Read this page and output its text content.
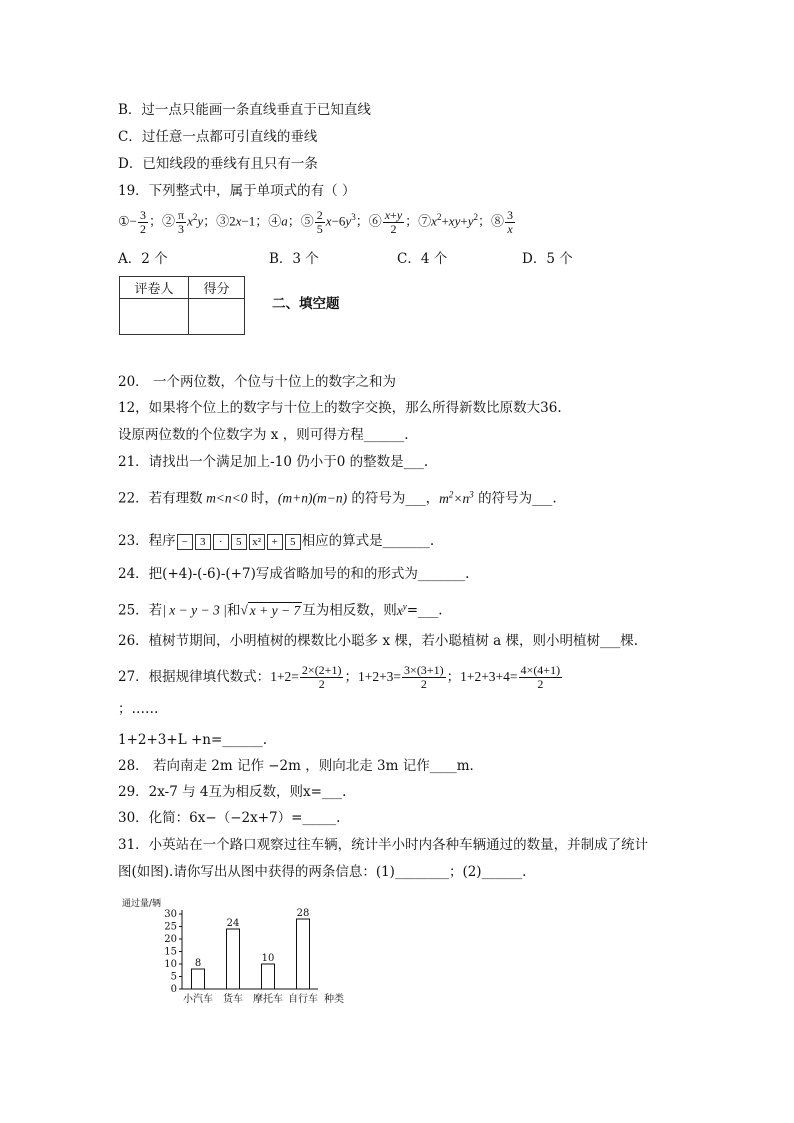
B．过一点只能画一条直线垂直于已知直线
C．过任意一点都可引直线的垂线
D．已知线段的垂线有且只有一条
19．下列整式中，属于单项式的有（ ）
①− $\frac{3}{2}$ ；② $\frac{\pi}{3} x^2y$；③2x−1；④a；⑤ $\frac{2}{5} x-6y^3$；⑥ $\frac{x+y}{2}$ ；$⑦x^2+xy+y^2$；⑧ $\frac{3}{x}$
A．2 个	B．3 个	C．4 个	D．5 个
评卷人	得分

二、填空题
20． 一个两位数，个位与十位上的数字之和为
12，如果将个位上的数字与十位上的数字交换，那么所得新数比原数大36.
设原两位数的个位数字为 x ，则可得方程______.
21．请找出一个满足加上-10 仍小于0 的整数是___.
22．若有理数 m<n<0 时，(m+n)(m−n) 的符号为___，$m^2\times n^3$ 的符号为___.
23．程序 − 3 · 5 x² + 5 相应的算式是_______.
24．把(+4)-(-6)-(+7)写成省略加号的和的形式为_______.
25．若| x − y − 3 |和√ x + y − 7 互为相反数，则$x^y=\_\_\_$.
26．植树节期间，小明植树的棵数比小聪多 x 棵，若小聪植树 a 棵，则小明植树___棵.
27．根据规律填代数式：$1+2= \frac{2\times(2+1)}{2}$ ；$1+2+3= \frac{3\times(3+1)}{2}$ ；$1+2+3+4= \frac{4\times(4+1)}{2}$
；……
1+2+3+L +n=______.
28． 若向南走 2m 记作 −2m ，则向北走 3m 记作____m．
29．2x-7 与 4互为相反数，则x=___.
30．化简：6x−（−2x+7）=_____.
31．小英站在一个路口观察过往车辆，统计半小时内各种车辆通过的数量，并制成了统计
图(如图).请你写出从图中获得的两条信息：(1)________；(2)______.
通过量/辆
0
5
10
15
20
25
30
8
小汽车
24
货车
10
摩托车
28
自行车 种类
